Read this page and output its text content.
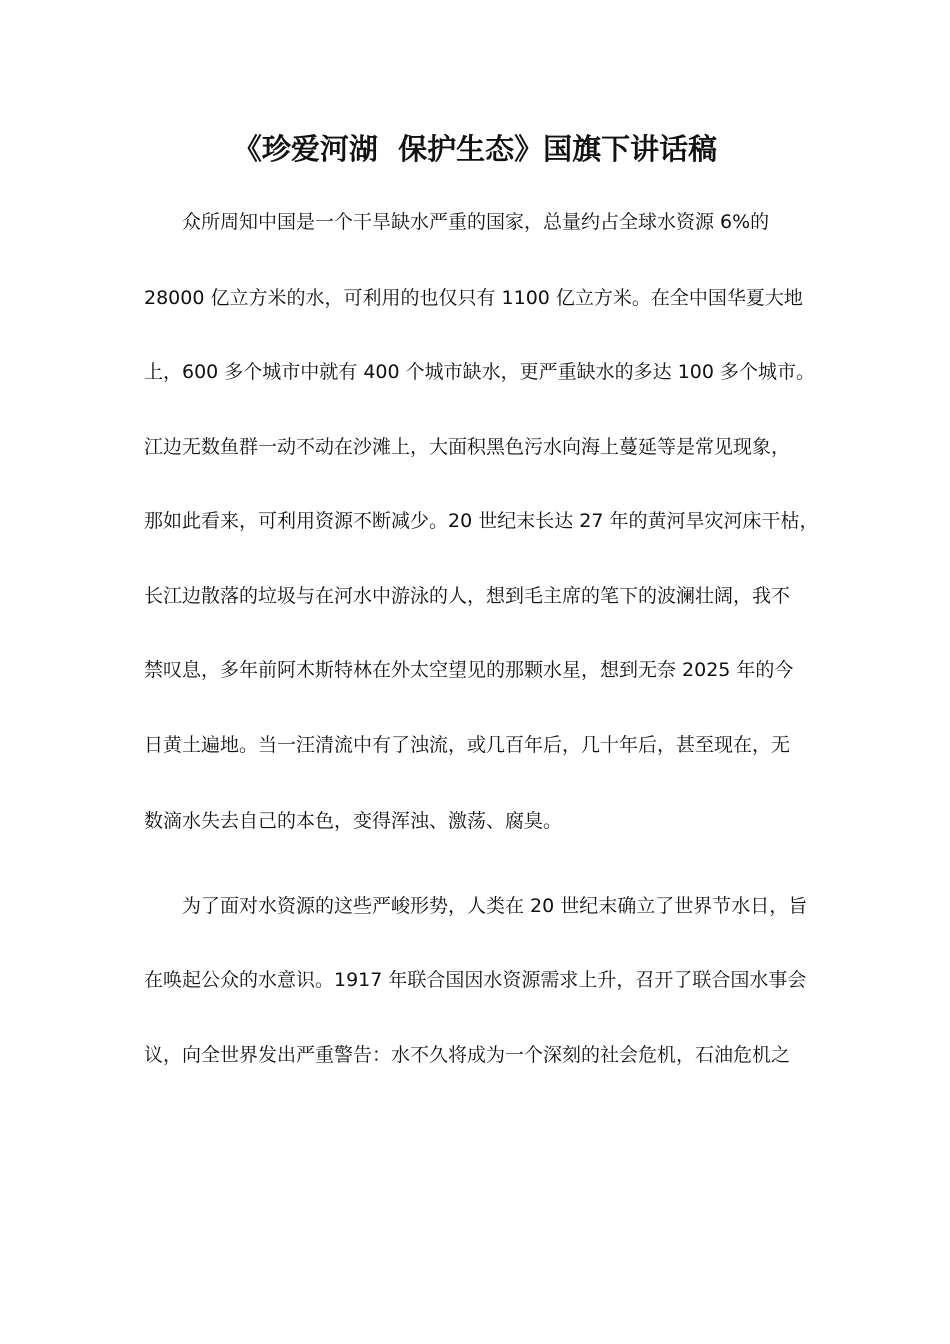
《珍爱河湖  保护生态》国旗下讲话稿
众所周知中国是一个干旱缺水严重的国家，总量约占全球水资源 6%的
28000 亿立方米的水，可利用的也仅只有 1100 亿立方米。在全中国华夏大地
上，600 多个城市中就有 400 个城市缺水，更严重缺水的多达 100 多个城市。
江边无数鱼群一动不动在沙滩上，大面积黑色污水向海上蔓延等是常见现象，
那如此看来，可利用资源不断减少。20 世纪末长达 27 年的黄河旱灾河床干枯，
长江边散落的垃圾与在河水中游泳的人，想到毛主席的笔下的波澜壮阔，我不
禁叹息，多年前阿木斯特林在外太空望见的那颗水星，想到无奈 2025 年的今
日黄土遍地。当一汪清流中有了浊流，或几百年后，几十年后，甚至现在，无
数滴水失去自己的本色，变得浑浊、激荡、腐臭。
为了面对水资源的这些严峻形势，人类在 20 世纪末确立了世界节水日，旨
在唤起公众的水意识。1917 年联合国因水资源需求上升，召开了联合国水事会
议，向全世界发出严重警告：水不久将成为一个深刻的社会危机，石油危机之
